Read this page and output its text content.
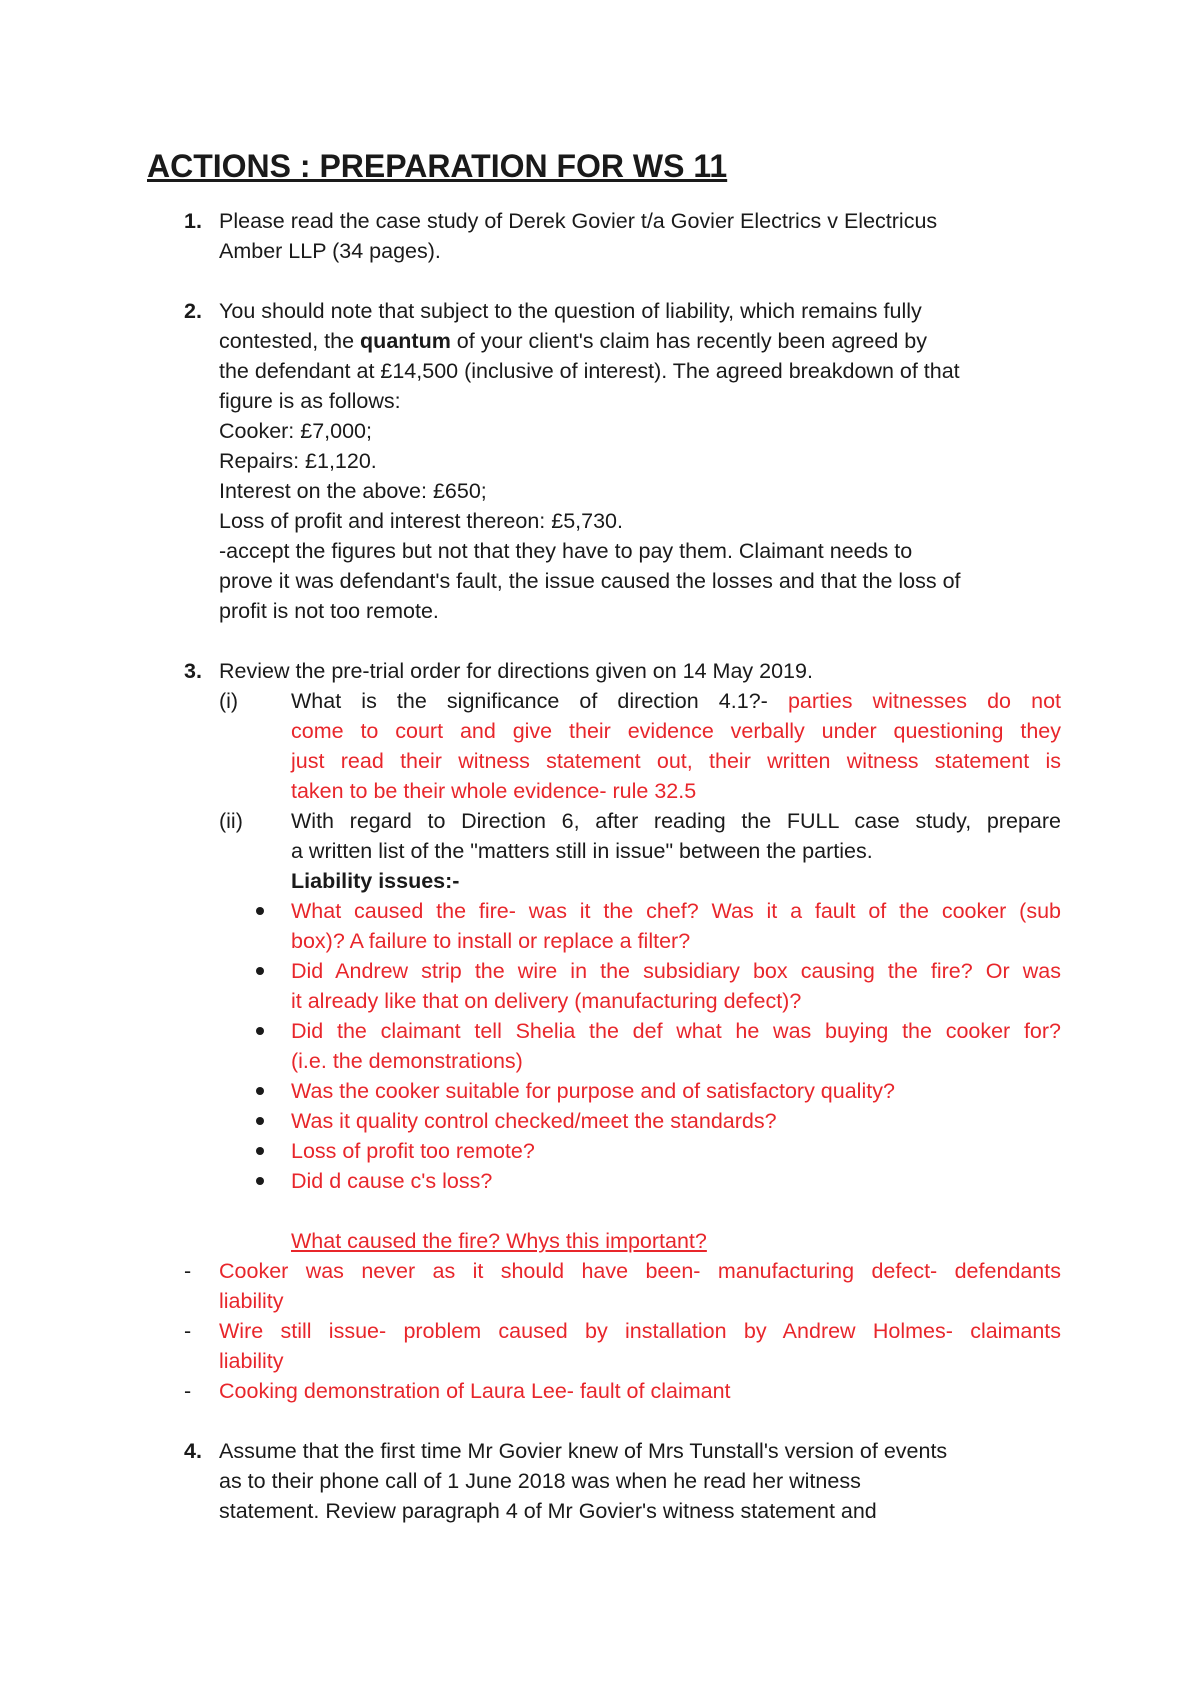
ACTIONS : PREPARATION FOR WS 11
1. Please read the case study of Derek Govier t/a Govier Electrics v Electricus
Amber LLP (34 pages).
2. You should note that subject to the question of liability, which remains fully
contested, the quantum of your client's claim has recently been agreed by
the defendant at £14,500 (inclusive of interest). The agreed breakdown of that
figure is as follows:
Cooker: £7,000;
Repairs: £1,120.
Interest on the above: £650;
Loss of profit and interest thereon: £5,730.
-accept the figures but not that they have to pay them. Claimant needs to
prove it was defendant's fault, the issue caused the losses and that the loss of
profit is not too remote.
3. Review the pre-trial order for directions given on 14 May 2019.
(i) What is the significance of direction 4.1?- parties witnesses do not
come to court and give their evidence verbally under questioning they
just read their witness statement out, their written witness statement is
taken to be their whole evidence- rule 32.5
(ii) With regard to Direction 6, after reading the FULL case study, prepare
a written list of the "matters still in issue" between the parties.
Liability issues:-
What caused the fire- was it the chef? Was it a fault of the cooker (sub
box)? A failure to install or replace a filter?
Did Andrew strip the wire in the subsidiary box causing the fire? Or was
it already like that on delivery (manufacturing defect)?
Did the claimant tell Shelia the def what he was buying the cooker for?
(i.e. the demonstrations)
Was the cooker suitable for purpose and of satisfactory quality?
Was it quality control checked/meet the standards?
Loss of profit too remote?
Did d cause c's loss?
What caused the fire? Whys this important?
- Cooker was never as it should have been- manufacturing defect- defendants
liability
- Wire still issue- problem caused by installation by Andrew Holmes- claimants
liability
- Cooking demonstration of Laura Lee- fault of claimant
4. Assume that the first time Mr Govier knew of Mrs Tunstall's version of events
as to their phone call of 1 June 2018 was when he read her witness
statement. Review paragraph 4 of Mr Govier's witness statement and
